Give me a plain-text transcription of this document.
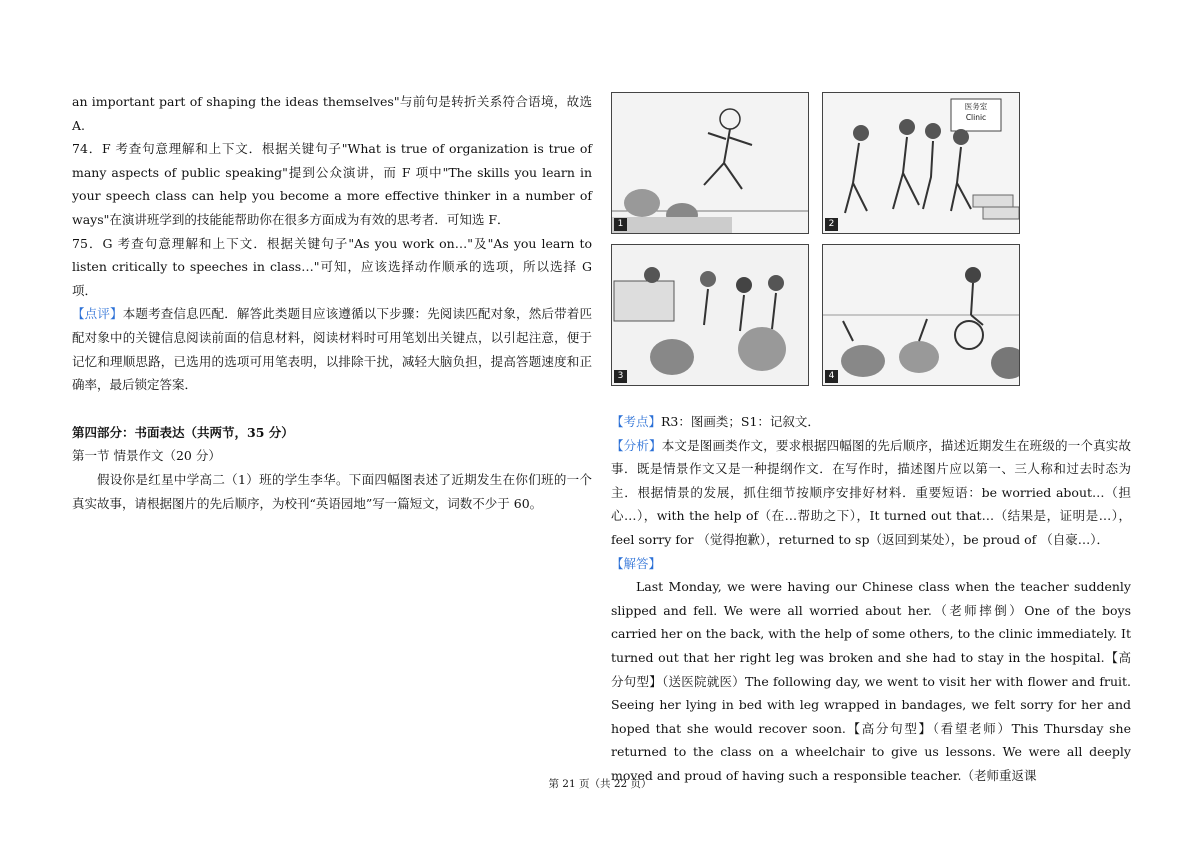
an important part of shaping the ideas themselves"与前句是转折关系符合语境，故选 A.

74．F 考查句意理解和上下文．根据关键句子"What is true of organization is true of many aspects of public speaking"提到公众演讲，而 F 项中"The skills you learn in your speech class can help you become a more effective thinker in a number of ways"在演讲班学到的技能能帮助你在很多方面成为有效的思考者．可知选 F．

75．G 考查句意理解和上下文．根据关键句子"As you work on…"及"As you learn to listen critically to speeches in class…"可知，应该选择动作顺承的选项，所以选择 G 项．

【点评】本题考查信息匹配．解答此类题目应该遵循以下步骤：先阅读匹配对象，然后带着匹配对象中的关键信息阅读前面的信息材料，阅读材料时可用笔划出关键点，以引起注意，便于记忆和理顺思路，已选用的选项可用笔表明，以排除干扰，减轻大脑负担，提高答题速度和正确率，最后锁定答案．

第四部分：书面表达（共两节，35 分）

第一节 情景作文（20 分）

假设你是红星中学高二（1）班的学生李华。下面四幅图表述了近期发生在你们班的一个真实故事，请根据图片的先后顺序，为校刊“英语园地”写一篇短文，词数不少于 60。

1
医务室
Clinic
2
3	4

【考点】R3：图画类；S1：记叙文．

【分析】本文是图画类作文，要求根据四幅图的先后顺序，描述近期发生在班级的一个真实故事．既是情景作文又是一种提纲作文．在写作时，描述图片应以第一、三人称和过去时态为主．根据情景的发展，抓住细节按顺序安排好材料．重要短语：be worried about…（担心…），with the help of（在…帮助之下），It turned out that…（结果是，证明是…），feel sorry for （觉得抱歉），returned to sp（返回到某处），be proud of （自豪…）．

【解答】

Last Monday, we were having our Chinese class when the teacher suddenly slipped and fell. We were all worried about her.（老师摔倒）One of the boys carried her on the back, with the help of some others, to the clinic immediately. It turned out that her right leg was broken and she had to stay in the hospital.【高分句型】（送医院就医）The following day, we went to visit her with flower and fruit. Seeing her lying in bed with leg wrapped in bandages, we felt sorry for her and hoped that she would recover soon.【高分句型】（看望老师）This Thursday she returned to the class on a wheelchair to give us lessons. We were all deeply moved and proud of having such a responsible teacher.（老师重返课

第 21 页（共 22 页）
